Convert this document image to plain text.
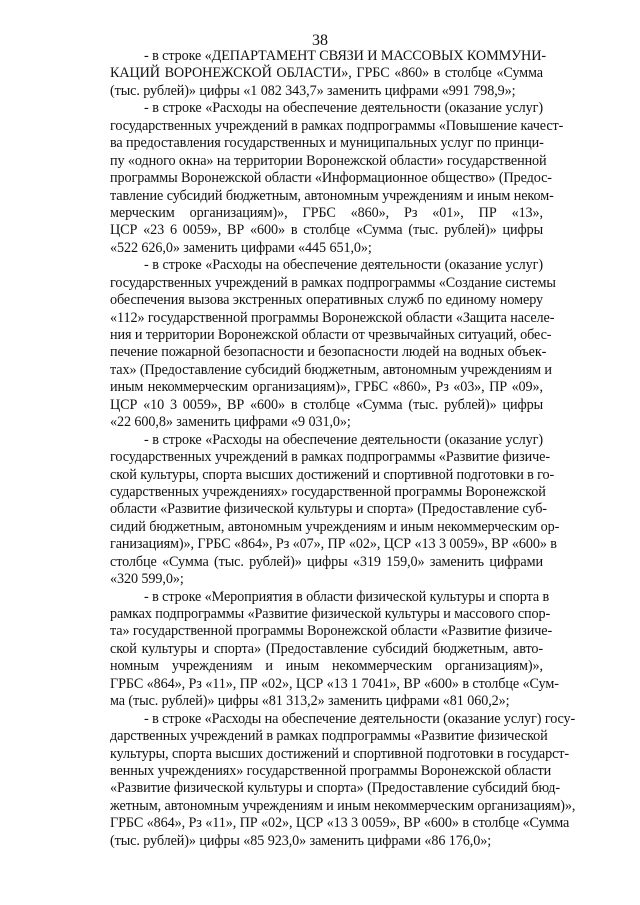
38
- в строке «ДЕПАРТАМЕНТ СВЯЗИ И МАССОВЫХ КОММУНИ-
КАЦИЙ ВОРОНЕЖСКОЙ ОБЛАСТИ», ГРБС «860» в столбце «Сумма
(тыс. рублей)» цифры «1 082 343,7» заменить цифрами «991 798,9»;
- в строке «Расходы на обеспечение деятельности (оказание услуг)
государственных учреждений в рамках подпрограммы «Повышение качест-
ва предоставления государственных и муниципальных услуг по принци-
пу «одного окна» на территории Воронежской области» государственной
программы Воронежской области «Информационное общество» (Предос-
тавление субсидий бюджетным, автономным учреждениям и иным неком-
мерческим организациям)», ГРБС «860», Рз «01», ПР «13»,
ЦСР «23 6 0059», ВР «600» в столбце «Сумма (тыс. рублей)» цифры
«522 626,0» заменить цифрами «445 651,0»;
- в строке «Расходы на обеспечение деятельности (оказание услуг)
государственных учреждений в рамках подпрограммы «Создание системы
обеспечения вызова экстренных оперативных служб по единому номеру
«112» государственной программы Воронежской области «Защита населе-
ния и территории Воронежской области от чрезвычайных ситуаций, обес-
печение пожарной безопасности и безопасности людей на водных объек-
тах» (Предоставление субсидий бюджетным, автономным учреждениям и
иным некоммерческим организациям)», ГРБС «860», Рз «03», ПР «09»,
ЦСР «10 3 0059», ВР «600» в столбце «Сумма (тыс. рублей)» цифры
«22 600,8» заменить цифрами «9 031,0»;
- в строке «Расходы на обеспечение деятельности (оказание услуг)
государственных учреждений в рамках подпрограммы «Развитие физиче-
ской культуры, спорта высших достижений и спортивной подготовки в го-
сударственных учреждениях» государственной программы Воронежской
области «Развитие физической культуры и спорта» (Предоставление суб-
сидий бюджетным, автономным учреждениям и иным некоммерческим ор-
ганизациям)», ГРБС «864», Рз «07», ПР «02», ЦСР «13 3 0059», ВР «600» в
столбце «Сумма (тыс. рублей)» цифры «319 159,0» заменить цифрами
«320 599,0»;
- в строке «Мероприятия в области физической культуры и спорта в
рамках подпрограммы «Развитие физической культуры и массового спор-
та» государственной программы Воронежской области «Развитие физиче-
ской культуры и спорта» (Предоставление субсидий бюджетным, авто-
номным учреждениям и иным некоммерческим организациям)»,
ГРБС «864», Рз «11», ПР «02», ЦСР «13 1 7041», ВР «600» в столбце «Сум-
ма (тыс. рублей)» цифры «81 313,2» заменить цифрами «81 060,2»;
- в строке «Расходы на обеспечение деятельности (оказание услуг) госу-
дарственных учреждений в рамках подпрограммы «Развитие физической
культуры, спорта высших достижений и спортивной подготовки в государст-
венных учреждениях» государственной программы Воронежской области
«Развитие физической культуры и спорта» (Предоставление субсидий бюд-
жетным, автономным учреждениям и иным некоммерческим организациям)»,
ГРБС «864», Рз «11», ПР «02», ЦСР «13 3 0059», ВР «600» в столбце «Сумма
(тыс. рублей)» цифры «85 923,0» заменить цифрами «86 176,0»;
